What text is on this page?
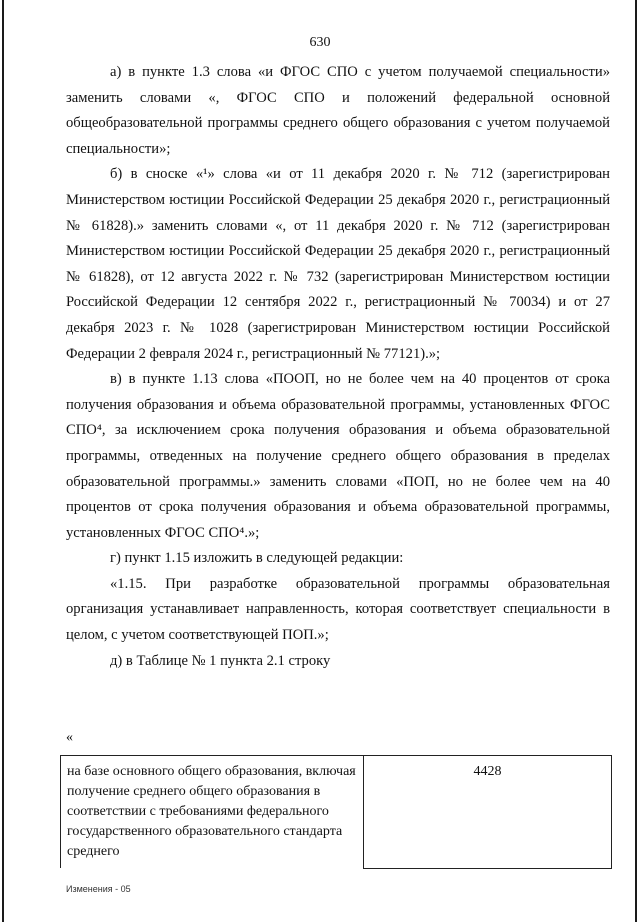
630

а) в пункте 1.3 слова «и ФГОС СПО с учетом получаемой специальности» заменить словами «, ФГОС СПО и положений федеральной основной общеобразовательной программы среднего общего образования с учетом получаемой специальности»;

б) в сноске «¹» слова «и от 11 декабря 2020 г. № 712 (зарегистрирован Министерством юстиции Российской Федерации 25 декабря 2020 г., регистрационный № 61828).» заменить словами «, от 11 декабря 2020 г. № 712 (зарегистрирован Министерством юстиции Российской Федерации 25 декабря 2020 г., регистрационный № 61828), от 12 августа 2022 г. № 732 (зарегистрирован Министерством юстиции Российской Федерации 12 сентября 2022 г., регистрационный № 70034) и от 27 декабря 2023 г. № 1028 (зарегистрирован Министерством юстиции Российской Федерации 2 февраля 2024 г., регистрационный № 77121).»;

в) в пункте 1.13 слова «ПООП, но не более чем на 40 процентов от срока получения образования и объема образовательной программы, установленных ФГОС СПО⁴, за исключением срока получения образования и объема образовательной программы, отведенных на получение среднего общего образования в пределах образовательной программы.» заменить словами «ПОП, но не более чем на 40 процентов от срока получения образования и объема образовательной программы, установленных ФГОС СПО⁴.»;

г) пункт 1.15 изложить в следующей редакции:

«1.15. При разработке образовательной программы образовательная организация устанавливает направленность, которая соответствует специальности в целом, с учетом соответствующей ПОП.»;

д) в Таблице № 1 пункта 2.1 строку

«
на базе основного общего образования, включая получение среднего общего образования в соответствии с требованиями федерального государственного образовательного стандарта среднего	4428
Изменения - 05
